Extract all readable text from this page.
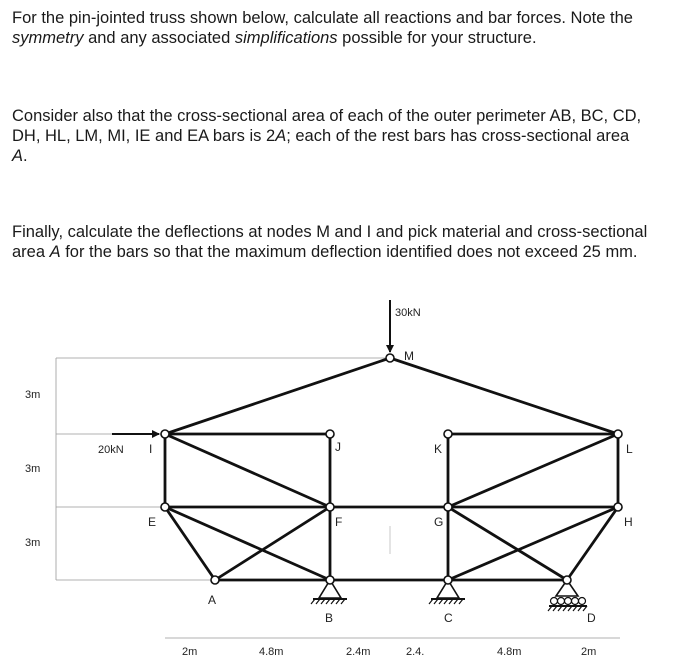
For the pin-jointed truss shown below, calculate all reactions and bar forces. Note the
symmetry and any associated simplifications possible for your structure.
Consider also that the cross-sectional area of each of the outer perimeter AB, BC, CD,
DH, HL, LM, MI, IE and EA bars is 2A; each of the rest bars has cross-sectional area
A.
Finally, calculate the deflections at nodes M and I and pick material and cross-sectional
area A for the bars so that the maximum deflection identified does not exceed 25 mm.
30kN
20kN
M
I	J	K	L
E	F	G	H
A
B	C	D
3m
3m
3m
2m	4.8m	2.4m	2.4.	4.8m	2m
